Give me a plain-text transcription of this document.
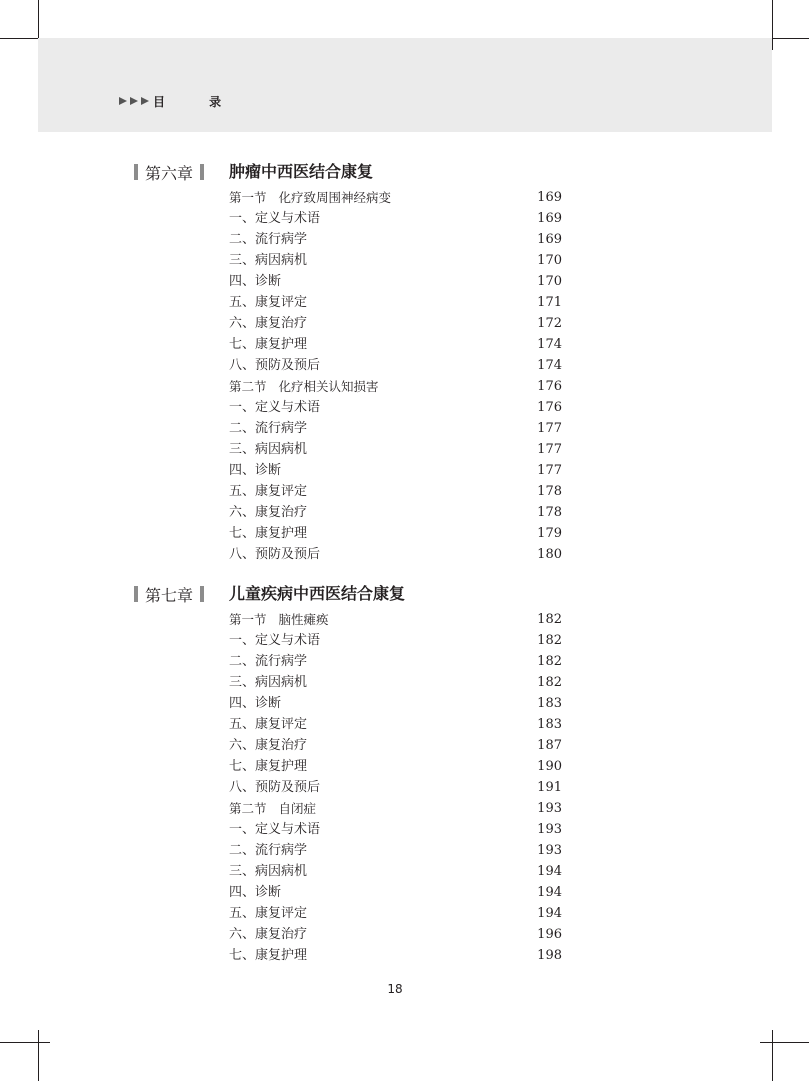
目 录
第六章 肿瘤中西医结合康复
第一节 化疗致周围神经病变	169
一、定义与术语	169
二、流行病学	169
三、病因病机	170
四、诊断	170
五、康复评定	171
六、康复治疗	172
七、康复护理	174
八、预防及预后	174
第二节 化疗相关认知损害	176
一、定义与术语	176
二、流行病学	177
三、病因病机	177
四、诊断	177
五、康复评定	178
六、康复治疗	178
七、康复护理	179
八、预防及预后	180
第七章 儿童疾病中西医结合康复
第一节 脑性瘫痪	182
一、定义与术语	182
二、流行病学	182
三、病因病机	182
四、诊断	183
五、康复评定	183
六、康复治疗	187
七、康复护理	190
八、预防及预后	191
第二节 自闭症	193
一、定义与术语	193
二、流行病学	193
三、病因病机	194
四、诊断	194
五、康复评定	194
六、康复治疗	196
七、康复护理	198
18
